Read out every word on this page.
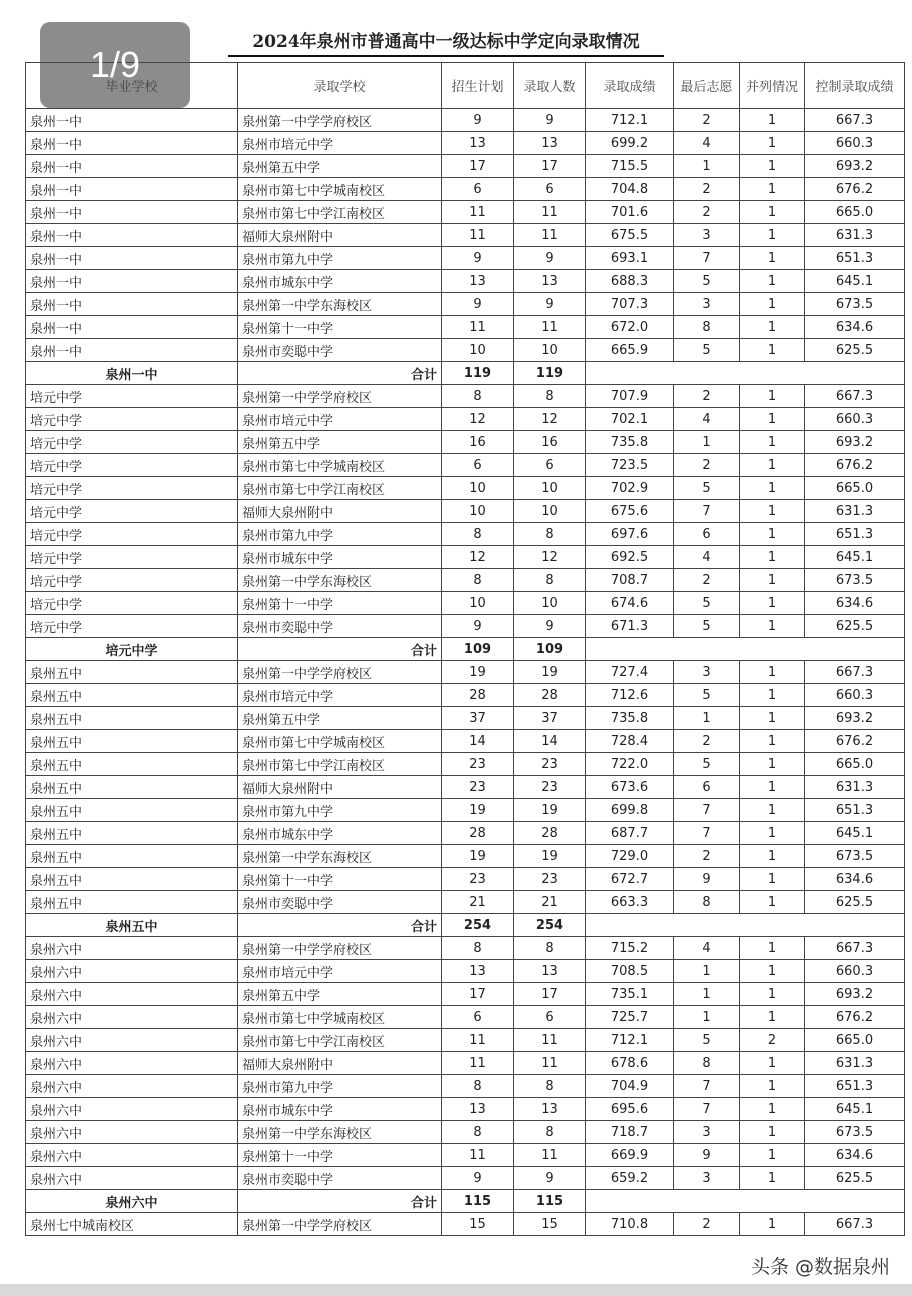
1/9
2024年泉州市普通高中一级达标中学定向录取情况
	录取学校	招生计划	录取人数	录取成绩	最后志愿	并列情况	控制录取成绩
泉州一中	泉州第一中学学府校区	9	9	712.1	2	1	667.3
泉州一中	泉州市培元中学	13	13	699.2	4	1	660.3
泉州一中	泉州第五中学	17	17	715.5	1	1	693.2
泉州一中	泉州市第七中学城南校区	6	6	704.8	2	1	676.2
泉州一中	泉州市第七中学江南校区	11	11	701.6	2	1	665.0
泉州一中	福师大泉州附中	11	11	675.5	3	1	631.3
泉州一中	泉州市第九中学	9	9	693.1	7	1	651.3
泉州一中	泉州市城东中学	13	13	688.3	5	1	645.1
泉州一中	泉州第一中学东海校区	9	9	707.3	3	1	673.5
泉州一中	泉州第十一中学	11	11	672.0	8	1	634.6
泉州一中	泉州市奕聪中学	10	10	665.9	5	1	625.5
泉州一中	合计	119	119				
培元中学	泉州第一中学学府校区	8	8	707.9	2	1	667.3
培元中学	泉州市培元中学	12	12	702.1	4	1	660.3
培元中学	泉州第五中学	16	16	735.8	1	1	693.2
培元中学	泉州市第七中学城南校区	6	6	723.5	2	1	676.2
培元中学	泉州市第七中学江南校区	10	10	702.9	5	1	665.0
培元中学	福师大泉州附中	10	10	675.6	7	1	631.3
培元中学	泉州市第九中学	8	8	697.6	6	1	651.3
培元中学	泉州市城东中学	12	12	692.5	4	1	645.1
培元中学	泉州第一中学东海校区	8	8	708.7	2	1	673.5
培元中学	泉州第十一中学	10	10	674.6	5	1	634.6
培元中学	泉州市奕聪中学	9	9	671.3	5	1	625.5
培元中学	合计	109	109				
泉州五中	泉州第一中学学府校区	19	19	727.4	3	1	667.3
泉州五中	泉州市培元中学	28	28	712.6	5	1	660.3
泉州五中	泉州第五中学	37	37	735.8	1	1	693.2
泉州五中	泉州市第七中学城南校区	14	14	728.4	2	1	676.2
泉州五中	泉州市第七中学江南校区	23	23	722.0	5	1	665.0
泉州五中	福师大泉州附中	23	23	673.6	6	1	631.3
泉州五中	泉州市第九中学	19	19	699.8	7	1	651.3
泉州五中	泉州市城东中学	28	28	687.7	7	1	645.1
泉州五中	泉州第一中学东海校区	19	19	729.0	2	1	673.5
泉州五中	泉州第十一中学	23	23	672.7	9	1	634.6
泉州五中	泉州市奕聪中学	21	21	663.3	8	1	625.5
泉州五中	合计	254	254				
泉州六中	泉州第一中学学府校区	8	8	715.2	4	1	667.3
泉州六中	泉州市培元中学	13	13	708.5	1	1	660.3
泉州六中	泉州第五中学	17	17	735.1	1	1	693.2
泉州六中	泉州市第七中学城南校区	6	6	725.7	1	1	676.2
泉州六中	泉州市第七中学江南校区	11	11	712.1	5	2	665.0
泉州六中	福师大泉州附中	11	11	678.6	8	1	631.3
泉州六中	泉州市第九中学	8	8	704.9	7	1	651.3
泉州六中	泉州市城东中学	13	13	695.6	7	1	645.1
泉州六中	泉州第一中学东海校区	8	8	718.7	3	1	673.5
泉州六中	泉州第十一中学	11	11	669.9	9	1	634.6
泉州六中	泉州市奕聪中学	9	9	659.2	3	1	625.5
泉州六中	合计	115	115				
泉州七中城南校区	泉州第一中学学府校区	15	15	710.8	2	1	667.3
头条 @数据泉州
